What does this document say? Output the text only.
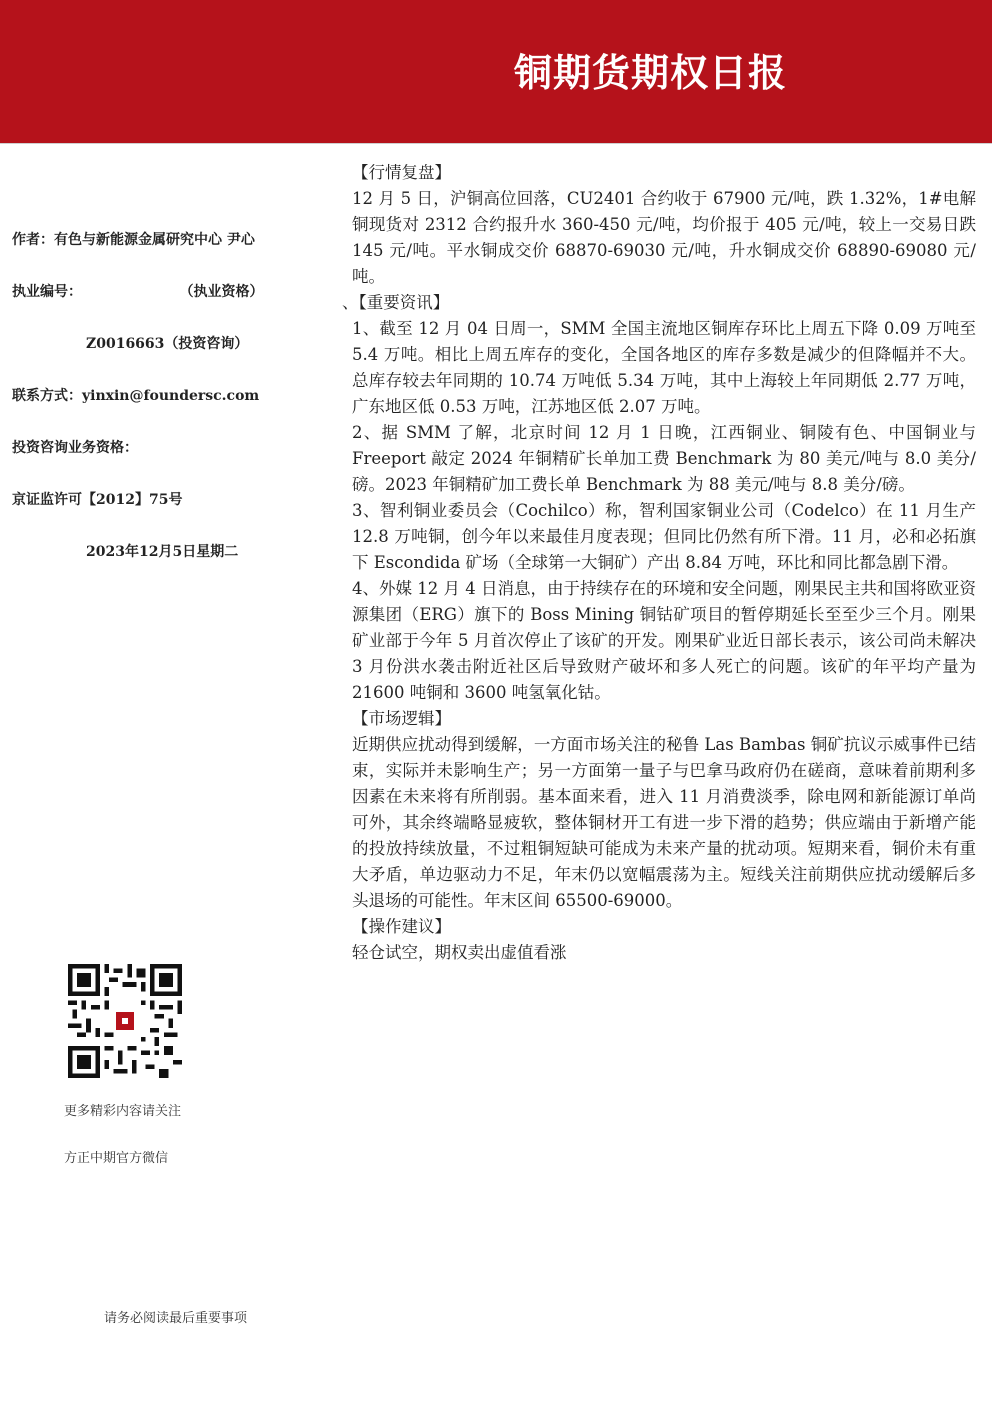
铜期货期权日报
作者：有色与新能源金属研究中心 尹心
执业编号：                    （执业资格）
Z0016663（投资咨询）
联系方式：yinxin@foundersc.com
投资咨询业务资格：
京证监许可【2012】75号
2023年12月5日星期二
更多精彩内容请关注
方正中期官方微信
请务必阅读最后重要事项

【行情复盘】

12 月 5 日，沪铜高位回落，CU2401 合约收于 67900 元/吨，跌 1.32%，1#电解铜现货对 2312 合约报升水 360-450 元/吨，均价报于 405 元/吨，较上一交易日跌 145 元/吨。平水铜成交价 68870-69030 元/吨，升水铜成交价 68890-69080 元/吨。

、【重要资讯】

1、截至 12 月 04 日周一，SMM 全国主流地区铜库存环比上周五下降 0.09 万吨至 5.4 万吨。相比上周五库存的变化，全国各地区的库存多数是减少的但降幅并不大。总库存较去年同期的 10.74 万吨低 5.34 万吨，其中上海较上年同期低 2.77 万吨，广东地区低 0.53 万吨，江苏地区低 2.07 万吨。

2、据 SMM 了解，北京时间 12 月 1 日晚，江西铜业、铜陵有色、中国铜业与 Freeport 敲定 2024 年铜精矿长单加工费 Benchmark 为 80 美元/吨与 8.0 美分/磅。2023 年铜精矿加工费长单 Benchmark 为 88 美元/吨与 8.8 美分/磅。

3、智利铜业委员会（Cochilco）称，智利国家铜业公司（Codelco）在 11 月生产 12.8 万吨铜，创今年以来最佳月度表现；但同比仍然有所下滑。11 月，必和必拓旗下 Escondida 矿场（全球第一大铜矿）产出 8.84 万吨，环比和同比都急剧下滑。

4、外媒 12 月 4 日消息，由于持续存在的环境和安全问题，刚果民主共和国将欧亚资源集团（ERG）旗下的 Boss Mining 铜钴矿项目的暂停期延长至至少三个月。刚果矿业部于今年 5 月首次停止了该矿的开发。刚果矿业近日部长表示，该公司尚未解决 3 月份洪水袭击附近社区后导致财产破坏和多人死亡的问题。该矿的年平均产量为 21600 吨铜和 3600 吨氢氧化钴。

【市场逻辑】

近期供应扰动得到缓解，一方面市场关注的秘鲁 Las Bambas 铜矿抗议示威事件已结束，实际并未影响生产；另一方面第一量子与巴拿马政府仍在磋商，意味着前期利多因素在未来将有所削弱。基本面来看，进入 11 月消费淡季，除电网和新能源订单尚可外，其余终端略显疲软，整体铜材开工有进一步下滑的趋势；供应端由于新增产能的投放持续放量，不过粗铜短缺可能成为未来产量的扰动项。短期来看，铜价未有重大矛盾，单边驱动力不足，年末仍以宽幅震荡为主。短线关注前期供应扰动缓解后多头退场的可能性。年末区间 65500-69000。

【操作建议】

轻仓试空，期权卖出虚值看涨
